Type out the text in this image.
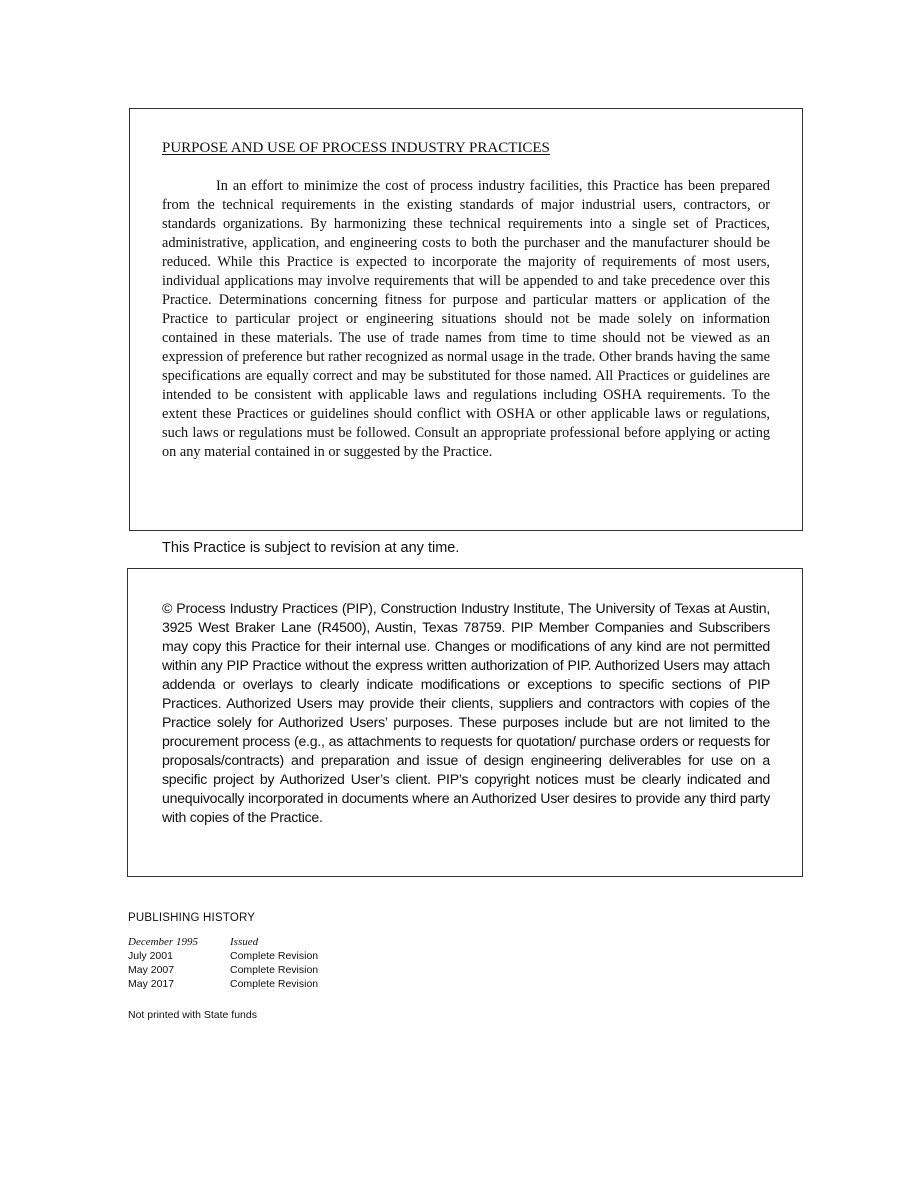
PURPOSE AND USE OF PROCESS INDUSTRY PRACTICES

In an effort to minimize the cost of process industry facilities, this Practice has been prepared from the technical requirements in the existing standards of major industrial users, contractors, or standards organizations. By harmonizing these technical requirements into a single set of Practices, administrative, application, and engineering costs to both the purchaser and the manufacturer should be reduced. While this Practice is expected to incorporate the majority of requirements of most users, individual applications may involve requirements that will be appended to and take precedence over this Practice. Determinations concerning fitness for purpose and particular matters or application of the Practice to particular project or engineering situations should not be made solely on information contained in these materials. The use of trade names from time to time should not be viewed as an expression of preference but rather recognized as normal usage in the trade. Other brands having the same specifications are equally correct and may be substituted for those named. All Practices or guidelines are intended to be consistent with applicable laws and regulations including OSHA requirements. To the extent these Practices or guidelines should conflict with OSHA or other applicable laws or regulations, such laws or regulations must be followed. Consult an appropriate professional before applying or acting on any material contained in or suggested by the Practice.

This Practice is subject to revision at any time.

© Process Industry Practices (PIP), Construction Industry Institute, The University of Texas at Austin, 3925 West Braker Lane (R4500), Austin, Texas 78759. PIP Member Companies and Subscribers may copy this Practice for their internal use. Changes or modifications of any kind are not permitted within any PIP Practice without the express written authorization of PIP. Authorized Users may attach addenda or overlays to clearly indicate modifications or exceptions to specific sections of PIP Practices. Authorized Users may provide their clients, suppliers and contractors with copies of the Practice solely for Authorized Users’ purposes. These purposes include but are not limited to the procurement process (e.g., as attachments to requests for quotation/ purchase orders or requests for proposals/contracts) and preparation and issue of design engineering deliverables for use on a specific project by Authorized User’s client. PIP’s copyright notices must be clearly indicated and unequivocally incorporated in documents where an Authorized User desires to provide any third party with copies of the Practice.

PUBLISHING HISTORY
December 1995	Issued
July 2001	Complete Revision
May 2007	Complete Revision
May 2017	Complete Revision
Not printed with State funds
